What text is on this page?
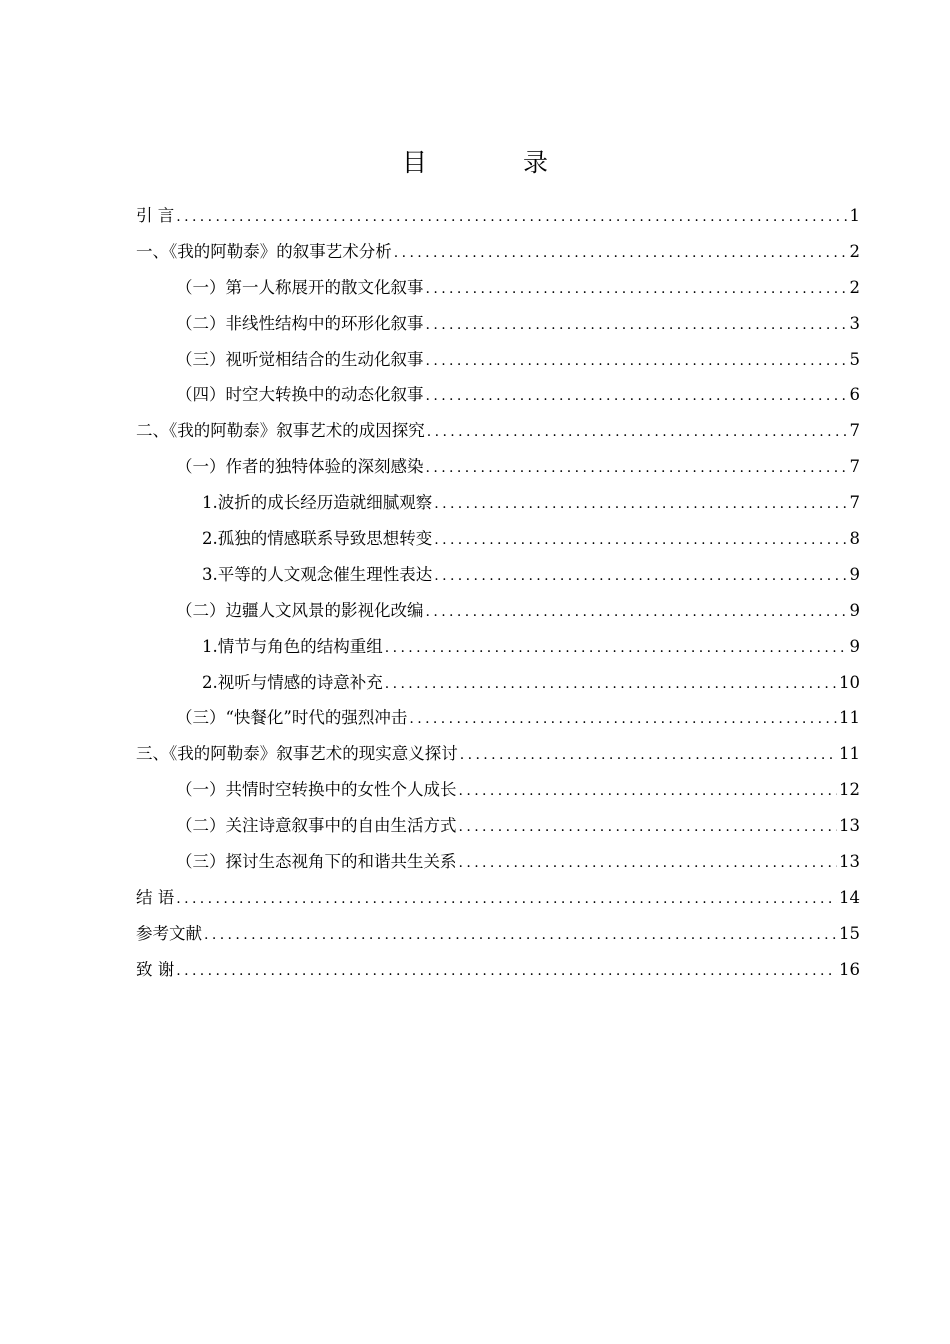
目 录
引 言 .....	1
一、《我的阿勒泰》的叙事艺术分析 .....	2
（一）第一人称展开的散文化叙事 .....	2
（二）非线性结构中的环形化叙事 .....	3
（三）视听觉相结合的生动化叙事 .....	5
（四）时空大转换中的动态化叙事 .....	6
二、《我的阿勒泰》叙事艺术的成因探究 .....	7
（一）作者的独特体验的深刻感染 .....	7
1.波折的成长经历造就细腻观察 .....	7
2.孤独的情感联系导致思想转变 .....	8
3.平等的人文观念催生理性表达 .....	9
（二）边疆人文风景的影视化改编 .....	9
1.情节与角色的结构重组 .....	9
2.视听与情感的诗意补充 .....	10
（三）“快餐化”时代的强烈冲击 .....	11
三、《我的阿勒泰》叙事艺术的现实意义探讨 .....	11
（一）共情时空转换中的女性个人成长 .....	12
（二）关注诗意叙事中的自由生活方式 .....	13
（三）探讨生态视角下的和谐共生关系 .....	13
结 语 .....	14
参考文献 .....	15
致 谢 .....	16
